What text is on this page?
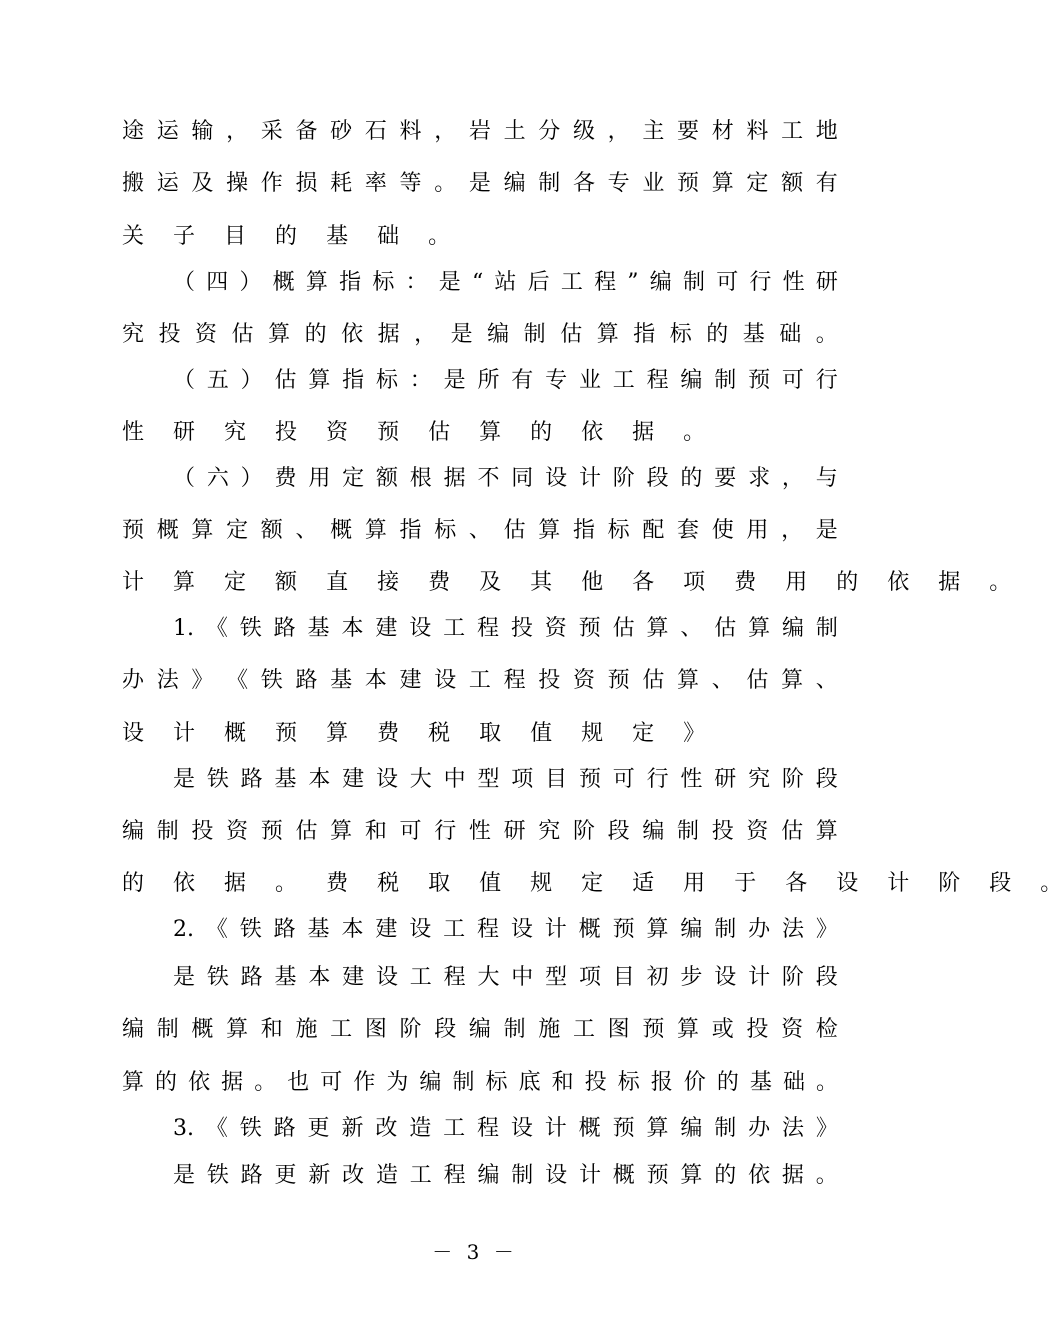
途 运 输 ， 采 备 砂 石 料 ， 岩 土 分 级 ， 主 要 材 料 工 地
搬 运 及 操 作 损 耗 率 等 。 是 编 制 各 专 业 预 算 定 额 有
关 子 目 的 基 础 。
（ 四 ） 概 算 指 标 ： 是 “ 站 后 工 程 ” 编 制 可 行 性 研
究 投 资 估 算 的 依 据 ， 是 编 制 估 算 指 标 的 基 础 。
（ 五 ） 估 算 指 标 ： 是 所 有 专 业 工 程 编 制 预 可 行
性 研 究 投 资 预 估 算 的 依 据 。
（ 六 ） 费 用 定 额 根 据 不 同 设 计 阶 段 的 要 求 ， 与
预 概 算 定 额 、 概 算 指 标 、 估 算 指 标 配 套 使 用 ， 是
计 算 定 额 直 接 费 及 其 他 各 项 费 用 的 依 据 。
1. 《 铁 路 基 本 建 设 工 程 投 资 预 估 算 、 估 算 编 制
办 法 》 《 铁 路 基 本 建 设 工 程 投 资 预 估 算 、 估 算 、
设 计 概 预 算 费 税 取 值 规 定 》
是 铁 路 基 本 建 设 大 中 型 项 目 预 可 行 性 研 究 阶 段
编 制 投 资 预 估 算 和 可 行 性 研 究 阶 段 编 制 投 资 估 算
的 依 据 。 费 税 取 值 规 定 适 用 于 各 设 计 阶 段 。
2. 《 铁 路 基 本 建 设 工 程 设 计 概 预 算 编 制 办 法 》
是 铁 路 基 本 建 设 工 程 大 中 型 项 目 初 步 设 计 阶 段
编 制 概 算 和 施 工 图 阶 段 编 制 施 工 图 预 算 或 投 资 检
算 的 依 据 。 也 可 作 为 编 制 标 底 和 投 标 报 价 的 基 础 。
3. 《 铁 路 更 新 改 造 工 程 设 计 概 预 算 编 制 办 法 》
是 铁 路 更 新 改 造 工 程 编 制 设 计 概 预 算 的 依 据 。
－ 3 －
